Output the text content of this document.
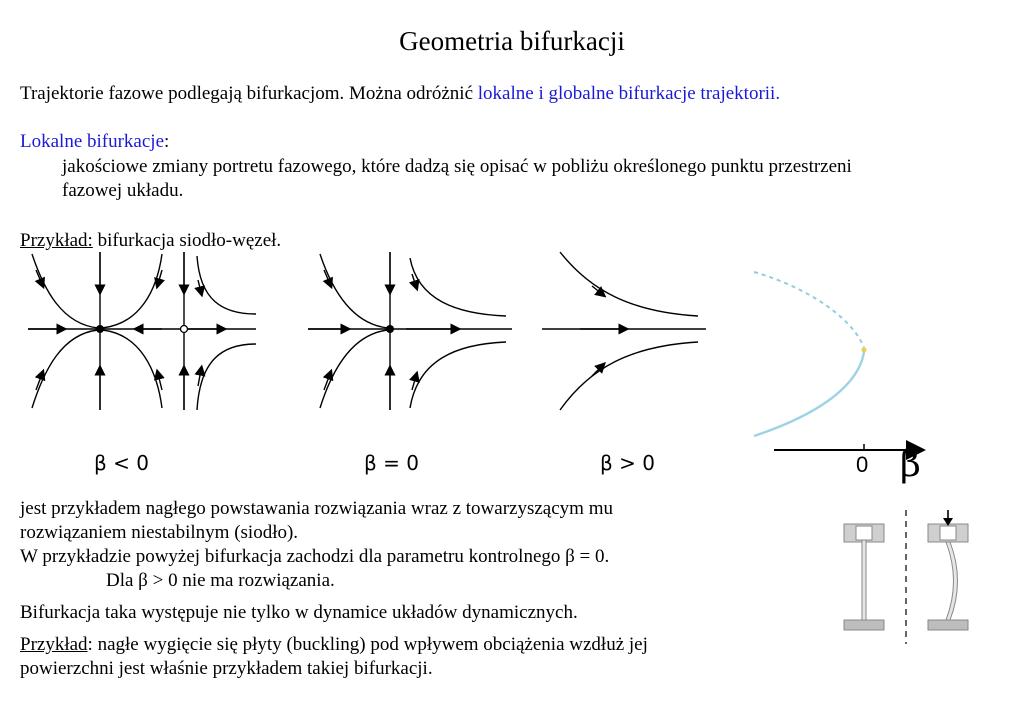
Geometria bifurkacji
Trajektorie fazowe podlegają bifurkacjom. Można odróżnić lokalne i globalne bifurkacje trajektorii.
Lokalne bifurkacje:
jakościowe zmiany portretu fazowego, które dadzą się opisać w pobliżu określonego punktu przestrzeni
fazowej układu.
Przykład: bifurkacja siodło-węzeł.
β < 0	β = 0	β > 0	0 β
jest przykładem nagłego powstawania rozwiązania wraz z towarzyszącym mu
rozwiązaniem niestabilnym (siodło).
W przykładzie powyżej bifurkacja zachodzi dla parametru kontrolnego β = 0.
Dla β > 0 nie ma rozwiązania.
Bifurkacja taka występuje nie tylko w dynamice układów dynamicznych.
Przykład: nagłe wygięcie się płyty (buckling) pod wpływem obciążenia wzdłuż jej
powierzchni jest właśnie przykładem takiej bifurkacji.
